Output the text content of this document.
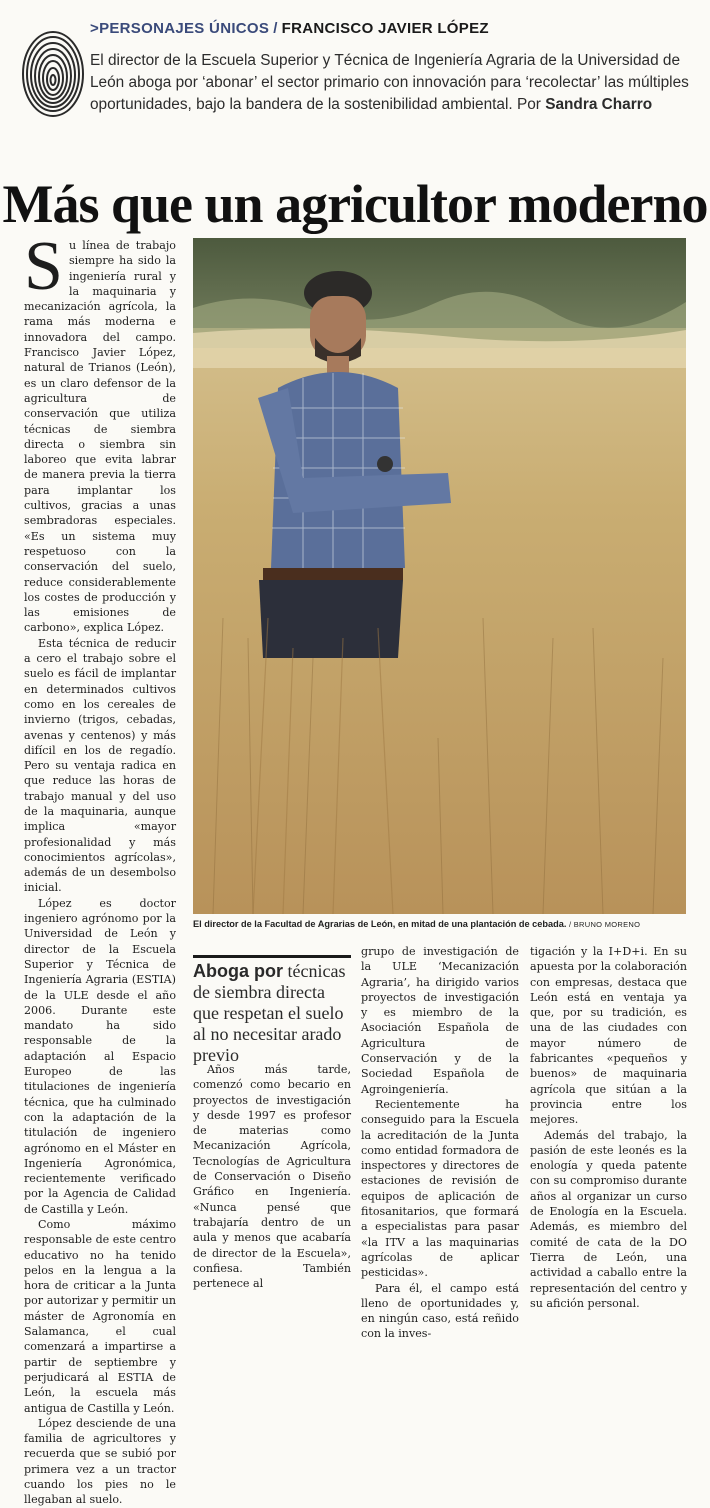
>PERSONAJES ÚNICOS / FRANCISCO JAVIER LÓPEZ
El director de la Escuela Superior y Técnica de Ingeniería Agraria de la Universidad de León aboga por ‘abonar’ el sector primario con innovación para ‘recolectar’ las múltiples oportunidades, bajo la bandera de la sostenibilidad ambiental. Por Sandra Charro
Más que un agricultor moderno

Su línea de trabajo siempre ha sido la ingeniería rural y la maquinaria y mecanización agrícola, la rama más moderna e innovadora del campo. Francisco Javier López, natural de Trianos (León), es un claro defensor de la agricultura de conservación que utiliza técnicas de siembra directa o siembra sin laboreo que evita labrar de manera previa la tierra para implantar los cultivos, gracias a unas sembradoras especiales. «Es un sistema muy respetuoso con la conservación del suelo, reduce considerablemente los costes de producción y las emisiones de carbono», explica López.

Esta técnica de reducir a cero el trabajo sobre el suelo es fácil de implantar en determinados cultivos como en los cereales de invierno (trigos, cebadas, avenas y centenos) y más difícil en los de regadío. Pero su ventaja radica en que reduce las horas de trabajo manual y del uso de la maquinaria, aunque implica «mayor profesionalidad y más conocimientos agrícolas», además de un desembolso inicial.

López es doctor ingeniero agrónomo por la Universidad de León y director de la Escuela Superior y Técnica de Ingeniería Agraria (ESTIA) de la ULE desde el año 2006. Durante este mandato ha sido responsable de la adaptación al Espacio Europeo de las titulaciones de ingeniería técnica, que ha culminado con la adaptación de la titulación de ingeniero agrónomo en el Máster en Ingeniería Agronómica, recientemente verificado por la Agencia de Calidad de Castilla y León.

Como máximo responsable de este centro educativo no ha tenido pelos en la lengua a la hora de criticar a la Junta por autorizar y permitir un máster de Agronomía en Salamanca, el cual comenzará a impartirse a partir de septiembre y perjudicará al ESTIA de León, la escuela más antigua de Castilla y León.

López desciende de una familia de agricultores y recuerda que se subió por primera vez a un tractor cuando los pies no le llegaban al suelo.

El director de la Facultad de Agrarias de León, en mitad de una plantación de cebada. / BRUNO MORENO
Aboga por técnicas de siembra directa que respetan el suelo al no necesitar arado previo

Años más tarde, comenzó como becario en proyectos de investigación y desde 1997 es profesor de materias como Mecanización Agrícola, Tecnologías de Agricultura de Conservación o Diseño Gráfico en Ingeniería. «Nunca pensé que trabajaría dentro de un aula y menos que acabaría de director de la Escuela», confiesa. También pertenece al

grupo de investigación de la ULE ‘Mecanización Agraria’, ha dirigido varios proyectos de investigación y es miembro de la Asociación Española de Agricultura de Conservación y de la Sociedad Española de Agroingeniería.

Recientemente ha conseguido para la Escuela la acreditación de la Junta como entidad formadora de inspectores y directores de estaciones de revisión de equipos de aplicación de fitosanitarios, que formará a especialistas para pasar «la ITV a las maquinarias agrícolas de aplicar pesticidas».

Para él, el campo está lleno de oportunidades y, en ningún caso, está reñido con la inves-

tigación y la I+D+i. En su apuesta por la colaboración con empresas, destaca que León está en ventaja ya que, por su tradición, es una de las ciudades con mayor número de fabricantes «pequeños y buenos» de maquinaria agrícola que sitúan a la provincia entre los mejores.

Además del trabajo, la pasión de este leonés es la enología y queda patente con su compromiso durante años al organizar un curso de Enología en la Escuela. Además, es miembro del comité de cata de la DO Tierra de León, una actividad a caballo entre la representación del centro y su afición personal.
